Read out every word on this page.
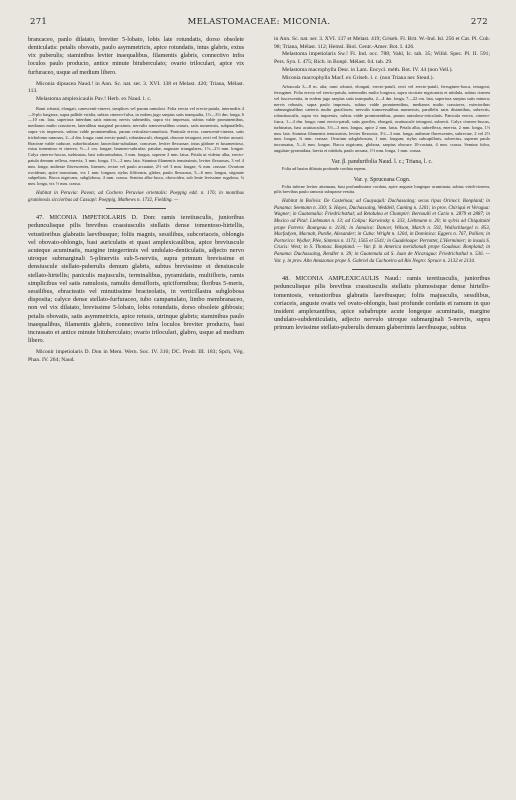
271	MELASTOMACEAE: MICONIA.	272

brancaceo, panlo dilatato, breviter 5-lobato, lobis late rotundatis, dorso obsolete denticulatis: petalis obovatis, paulo asymmetricis, apice rotundatis, intus glabris, extus vix puberulis; staminibus leviter inaequalibus, filamentis glabris, connectivo infra loculos paulo producto, antice minute bituberculato; ovario triloculari, apice vix furfuraceo, usque ad medium libero.

Miconia dipsacea Naud.! in Ann. Sc. nat. ser. 3. XVI. 138 et Melast. 420; Triana, Mélast. 113.

Melastoma amplexicaulis Pav.! Herb. ex Naud. l. c.

Rami robusti, elongati, canescenti-cinerei, simplices vel parum ramulosi. Folia erecta vel erecto-patula, internodiis 4—8-plo longiora, supra pallide viridia, subtus cinereo-fulva, in eodem jugo saepius satis inaequalia, 1½—3½ dm. longa, 6—10 cm. lata, superiora interdum satis minora; nervis submediis, supra vix impressis, subtus valde prominentibus, medianos multo crassiores, lateralibus marginal proximis; nervulis transversalibus crassis, satis numerosis, subparallelis, supra vix impressis, subtus valde prominentibus, parum reticulato-ramulosis. Panicula erecta, canescenti-cinerea, satis tricholomo ramosus, 2—4 dm. longa; rami erecto-patuli, robustiusculi, elongati, obscure tetragoni, recti vel leviter arcuati. Bracteae valde caducae, suborbiculatae, lanceolato-subulatae, concavae, leviter flexuosae, intus glabrae et fusomenioso, extus tomentoso et cinereo, ⅔—1 cm. longae; brunneo-subrufae, patulae, angustae triangulares, 1½—2½ mm. longae. Calyx cinereo-fuscus, turbinatus, basi subcarinulatus, 3 mm. longus, superne 2 mm. latus. Petala ut videtur alba, erecto-patula demum reflexa, enervia, 3 mm. longa, 1½—2 mm. lata. Stamina filamentis tenuissimis, leviter flexuosus, 3 vel 4 mm. longa; antherae flavescentes, lineares, rectae vel paulo arcuatae, 2½ vel 3 mm. longae, ¾ mm. crassae. Ovarium ovoideum, apice truncatum, vix 1 mm. longum; stylus filiformis, glaber, paulo flexuosus, 5—6 mm. longus, stigmate subpeltato. Bacca nigricans, subglobosa, 4 mm. crassa. Semina albo-fusca, obovoidea, sub lente levissime rugulosa, ¾ mm. longa, vix ½ mm. crassa.

Habitat in Peruvia: Pavon; ad Cochero Peruviae orientalis: Poeppig edd. n. 176; in montibus graminosis sicciorbus ad Cassapi: Poeppig, Mathews n. 1732, Fielding. —

47. MICONIA IMPETIOLARIS D. Don: ramis teretiusculis, junioribus pedunculisque pilis brevibus crassiusculis stellatis dense tomentoso-hirtellis, vetustioribus glabratis laevibusque; foliis magnis, sessilibus, subcoriaceis, oblongis vel obovato-oblongis, basi auriculatis et quasi amplexicaulibus, apice breviuscule acuteque acuminatis, margine integerrimis vel undulato-denticulatis, adjecto nervo utroque submarginali 5-plinerviis sub-5-nerviis, supra primum brevissime et densiuscule stellato-puberulis demum glabris, subtus brevissime et densiuscule stellato-hirtellis; paniculis majusculis, terminalibus, pyramidatis, multifloris, ramis simplicibus vel satis ramulosis, ramulis densifloris, spiciformibus; floribus 5-meris, sessilibus, ebracteatis vel minutissime bracteolatis, in verticillastra subglobosa disposita; calyce dense stellato-furfuraceo, tubo campanulato, limbo membranaceo, non vel vix dilatato, brevissime 5-lobato, lobis rotundatis, dorso obsolete gibbosis; petalis obovatis, satis asymmetricis, apice retusis, utrinque glabris; staminibus paulo inaequalibus, filamentis glabris, connectivo infra loculos breviter producto, basi incrassato et antice minute bituberculato; ovario triloculari, glabro, usque ad medium libero.

Miconir impetiolaris D. Don in Mem. Wern. Soc. IV. 316; DC. Prodr. III. 183; Spch, Vég. Phan. IV. 264; Naud.

in Ann. Sc. nat. ser. 3. XVI. 137 et Melast. 419; Griseb. Fl. Brit. W.-Ind. Isl. 256 et Cat. Pl. Cub. 98; Triana, Mélast. 112; Hemsl. Biol. Centr.-Amer. Bot. I. 426.

Melastoma impetiolaris Sw.! Fl. Ind. occ. 788; Vahl, Ic. tab. 35; Willd. Spec. Pl. II. 591; Pers. Syn. I. 475; Rich. in Bonpl. Mélast. 64. tab. 29.

Melastoma macrophylla Desr. in Lam. Encycl. méth. Bot. IV. 44 (non Vell.).

Miconia macrophylla Macf. ex Griseb. l. c. (non Triana nec Steud.).

Arbuscula 3—8 m. alta; rami robusti, elongati, erecto-patuli, recti vel erecto-patuli, ferrugineo-fusca, tetragoni, ferruginei. Folia erecta vel erecto-patula, internodiis multo longiora, supra siccitate nigricantia et nitidula, subtus cinerea vel fuscescentia, in eodem jugo saepius satis inaequalia, 2—4 dm. longa, 7—22 cm. lata, superiora saepius satis minora; nervis robustis, supra paulo impressis, subtus valde prominentibus, medianos multo crassiores, exterioribus submarginalibus caeteris multo graciliores; nervulis transversalibus numerosis, parallelis satis distantibus, subrectis, robustiusculis, supra vix impressis, subtus valde prominentibus, parum ramuloso-reticulatis. Panicula erecta, cinereo-fusca, 1—4 dm. longa; rami erecto-patuli, satis graciles, elongati, acutiuscule tetragoni, subrecti. Calyx cinereo-fuscus, turbinatus, basi acutiusculus, 3½—3 mm. longus, apice 2 mm. latus. Petala alba, subreflexa, enervia, 2 mm. longa, 1½ mm. lata. Stamina filamentis tenuissimis, leviter flexuosis, 3½—3 mm. longa; antherae flavescentes, subrectae, 2 vel 2½ mm. longae, ¾ mm. crassae. Ovarium subglobosum, 1 mm. longum; stylus subcapillaris, subrectus, superne paulo incrassatus, 5—6 mm. longus. Bacca nigricans, globosa, saepius obscure 10-costata, 4 mm. crassa. Semina fulva, angulato-pyramidata, laevia et nitidula, paulo arcuata, 1½ mm. longa, 1 mm. crassa.

Var. β. pandurifolia Naud. l. c.; Triana, l. c.

Folia ad basim dilatata profunde cordata repens.

Var. γ. Spruceana Cogn.

Folia inferne leviter attenuata, basi profundissime cordata, apice anguste longeque acuminata, subtus viridi-cinerea, pilis brevibus paulo ramosis subsparse vestita.

Habitat in Bolivia: De Castelnau; ad Guayaquil: Duchassaing; secus ripas Orinoci: Bonpland; in Panama: Seemann n. 330; S. Hayes, Duchassaing, Weddell, Cuming n. 1201; in prov. Chiriqui et Veragua: Wagner; in Guatemalia: Friedrichsthal; ad Retalulea et Champiri: Bernoulli et Cario n. 2879 et 2887; in Mexico ad Pital: Liebmann n. 13; ad Colipa: Karwinsky n. 333, Liebmann n. 20; in sylvis ad Chiquituité prope Fotrero: Bourgeau n. 3136; in Jamaica: Dancer, Wilson, March n. 592, Wullschlaegel n. 853, Macfadyen, Macnab, Purdie, Alexander; in Cuba: Wright n. 1204, in Dominica: Eggers n. 767, Pollien; in Portorico: Wydler, Plée, Sintenis n. 1173, 1565 et 5541; in Guadeloupe: Perrottet, L'Herminier; in insula S. Crucis: West; in S. Thomas: Bonpland. — Var. β. in America meridionali prope Goudous: Bonpland; in Panama: Duchassaing, Rendler n. 39; in Guatemala ad S. Juan de Nicaragua: Friedrichsthal n. 536. — Var. γ. in prov. Alto Amazonas prope S. Gabriel da Cachoeira ad Rio Negro: Spruce n. 2132 et 2134.

48. MICONIA AMPLEXICAULIS Naud.: ramis teretiusculis, junioribus pedunculisque pilis brevibus crassiusculis stellatis plumosisque dense hirtello-tomentosis, vetustioribus glabratis laevibusque; foliis majusculis, sessilibus, coriaceis, anguste ovatis vel ovato-oblongis, basi profunde cordatis et ramum in quo insident amplexantibus, apice subabrupte acute longeque acuminatis, margine undulato-subdenticulatis, adjecto nervulo utroque submarginali 5-nerviis, supra primum levissime stellato-puberulis demum glaberrimis laevibusque, subtus
